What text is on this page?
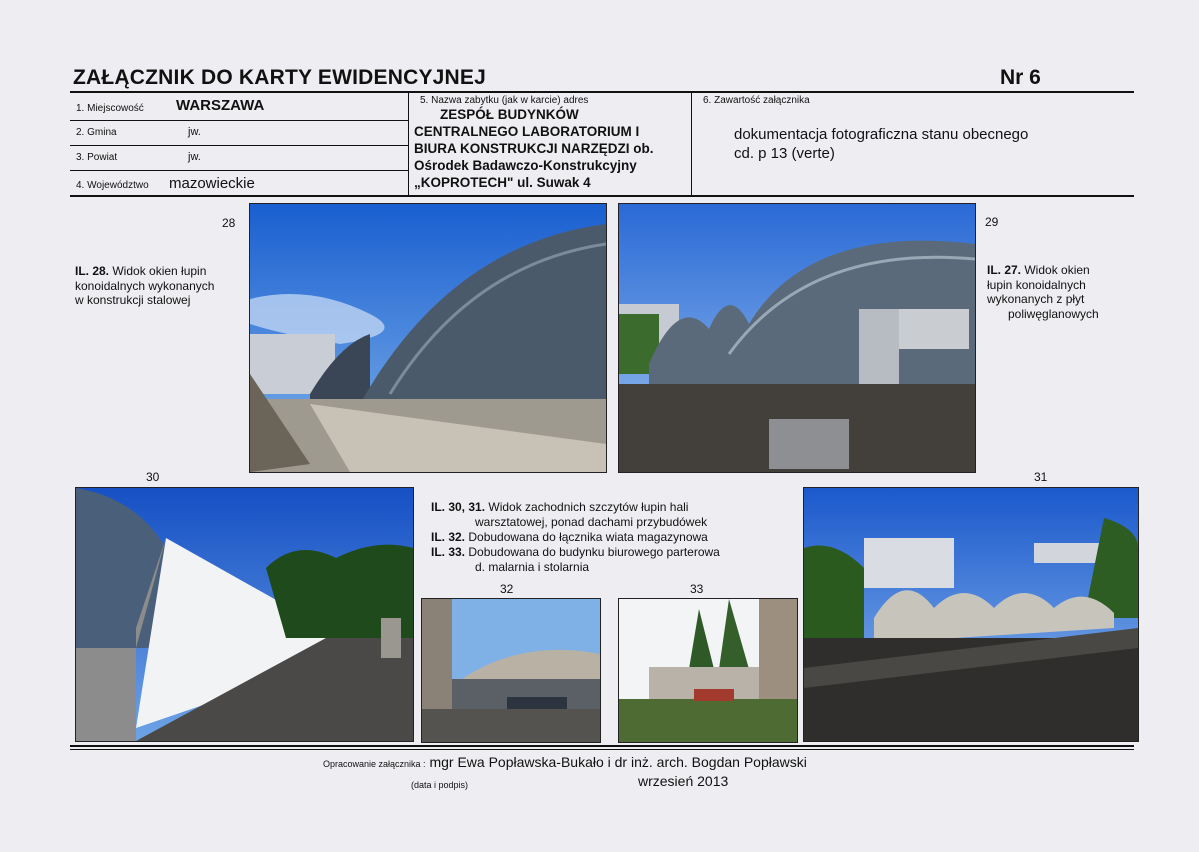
ZAŁĄCZNIK DO KARTY EWIDENCYJNEJ	Nr 6
1. Miejscowość WARSZAWA
2. Gmina	jw.
3. Powiat	jw.
4. Województwo mazowieckie
5. Nazwa zabytku (jak w karcie) adres
ZESPÓŁ BUDYNKÓW
CENTRALNEGO LABORATORIUM I
BIURA KONSTRUKCJI NARZĘDZI ob.
Ośrodek Badawczo-Konstrukcyjny
„KOPROTECH" ul. Suwak 4
6. Zawartość załącznika
dokumentacja fotograficzna stanu obecnego
cd. p 13 (verte)
28	29
30	31
32	33
IL. 28. Widok okien łupin
konoidalnych wykonanych
w konstrukcji stalowej
IL. 27. Widok okien
łupin konoidalnych
wykonanych z płyt
poliwęglanowych
IL. 30, 31. Widok zachodnich szczytów łupin hali
warsztatowej, ponad dachami przybudówek
IL. 32. Dobudowana do łącznika wiata magazynowa
IL. 33. Dobudowana do budynku biurowego parterowa
d. malarnia i stolarnia
Opracowanie załącznika : mgr Ewa Popławska-Bukało i dr inż. arch. Bogdan Popławski
(data i podpis)	wrzesień 2013
